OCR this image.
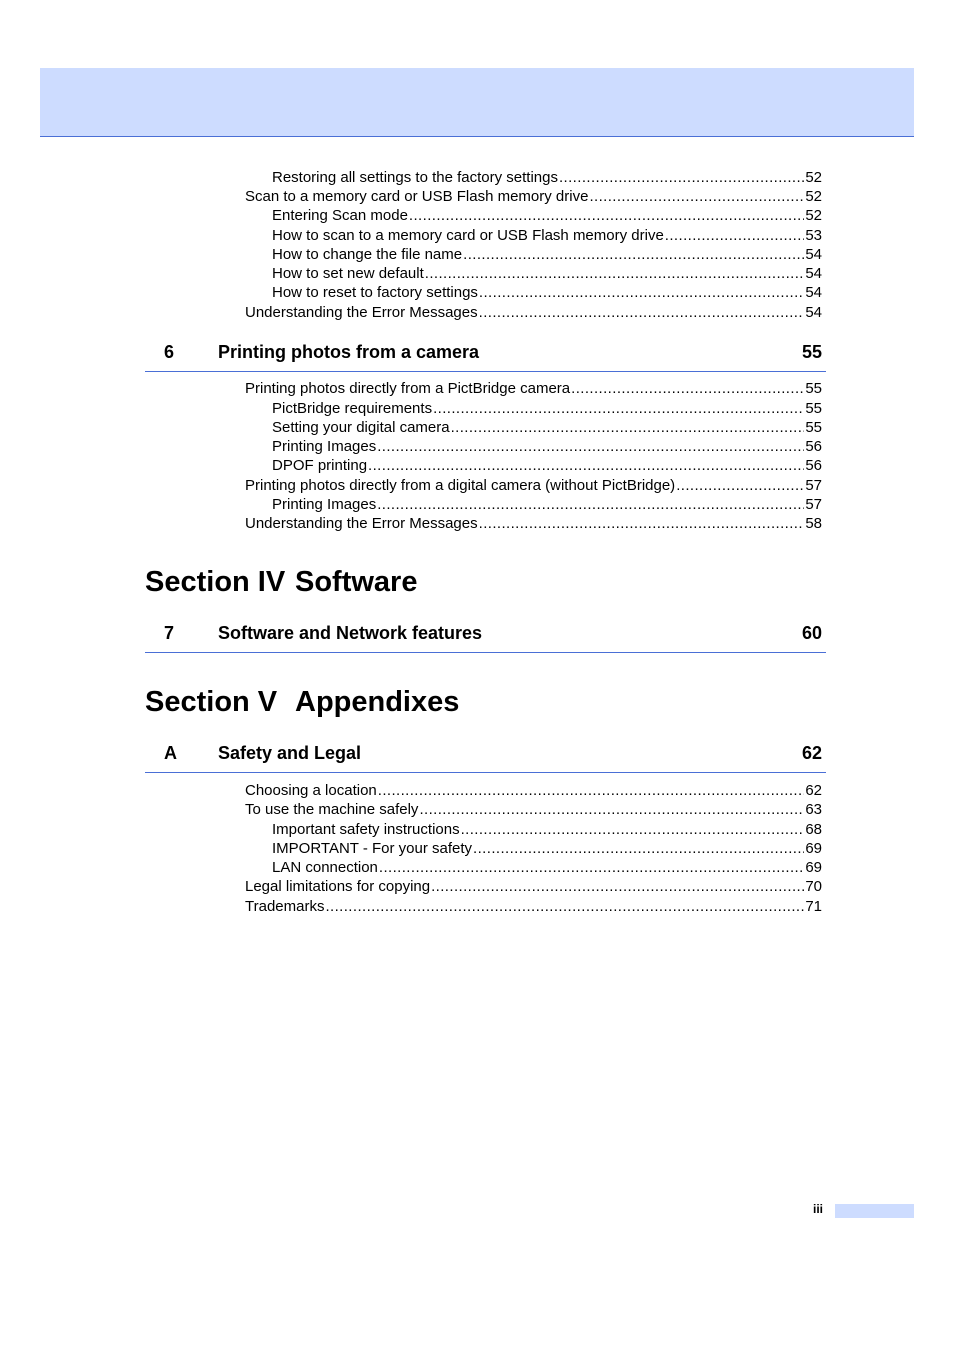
Restoring all settings to the factory settings .....	52
Scan to a memory card or USB Flash memory drive .....	52
Entering Scan mode .....	52
How to scan to a memory card or USB Flash memory drive .....	53
How to change the file name .....	54
How to set new default .....	54
How to reset to factory settings .....	54
Understanding the Error Messages .....	54
6 Printing photos from a camera	55
Printing photos directly from a PictBridge camera .....	55
PictBridge requirements .....	55
Setting your digital camera .....	55
Printing Images .....	56
DPOF printing .....	56
Printing photos directly from a digital camera (without PictBridge) .....	57
Printing Images .....	57
Understanding the Error Messages .....	58
Section IV Software
7 Software and Network features	60
Section V Appendixes
A Safety and Legal	62
Choosing a location .....	62
To use the machine safely .....	63
Important safety instructions .....	68
IMPORTANT - For your safety .....	69
LAN connection .....	69
Legal limitations for copying .....	70
Trademarks .....	71
iii
